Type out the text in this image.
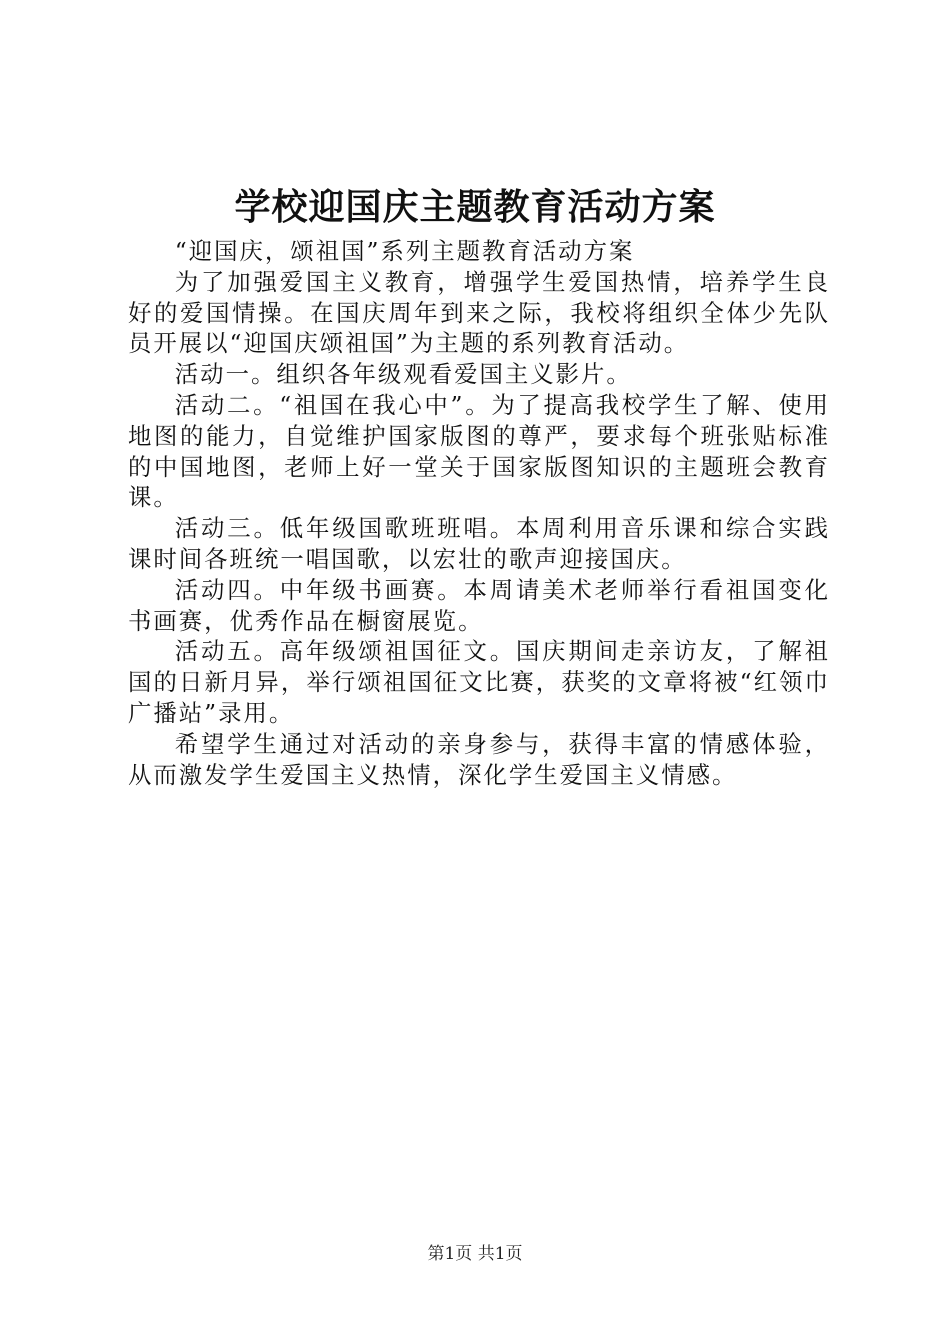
学校迎国庆主题教育活动方案

“迎国庆，颂祖国”系列主题教育活动方案

为了加强爱国主义教育，增强学生爱国热情，培养学生良好的爱国情操。在国庆周年到来之际，我校将组织全体少先队员开展以“迎国庆颂祖国”为主题的系列教育活动。

活动一。组织各年级观看爱国主义影片。

活动二。“祖国在我心中”。为了提高我校学生了解、使用地图的能力，自觉维护国家版图的尊严，要求每个班张贴标准的中国地图，老师上好一堂关于国家版图知识的主题班会教育课。

活动三。低年级国歌班班唱。本周利用音乐课和综合实践课时间各班统一唱国歌，以宏壮的歌声迎接国庆。

活动四。中年级书画赛。本周请美术老师举行看祖国变化书画赛，优秀作品在橱窗展览。

活动五。高年级颂祖国征文。国庆期间走亲访友，了解祖国的日新月异，举行颂祖国征文比赛，获奖的文章将被“红领巾广播站”录用。

希望学生通过对活动的亲身参与，获得丰富的情感体验，从而激发学生爱国主义热情，深化学生爱国主义情感。

第1页 共1页
